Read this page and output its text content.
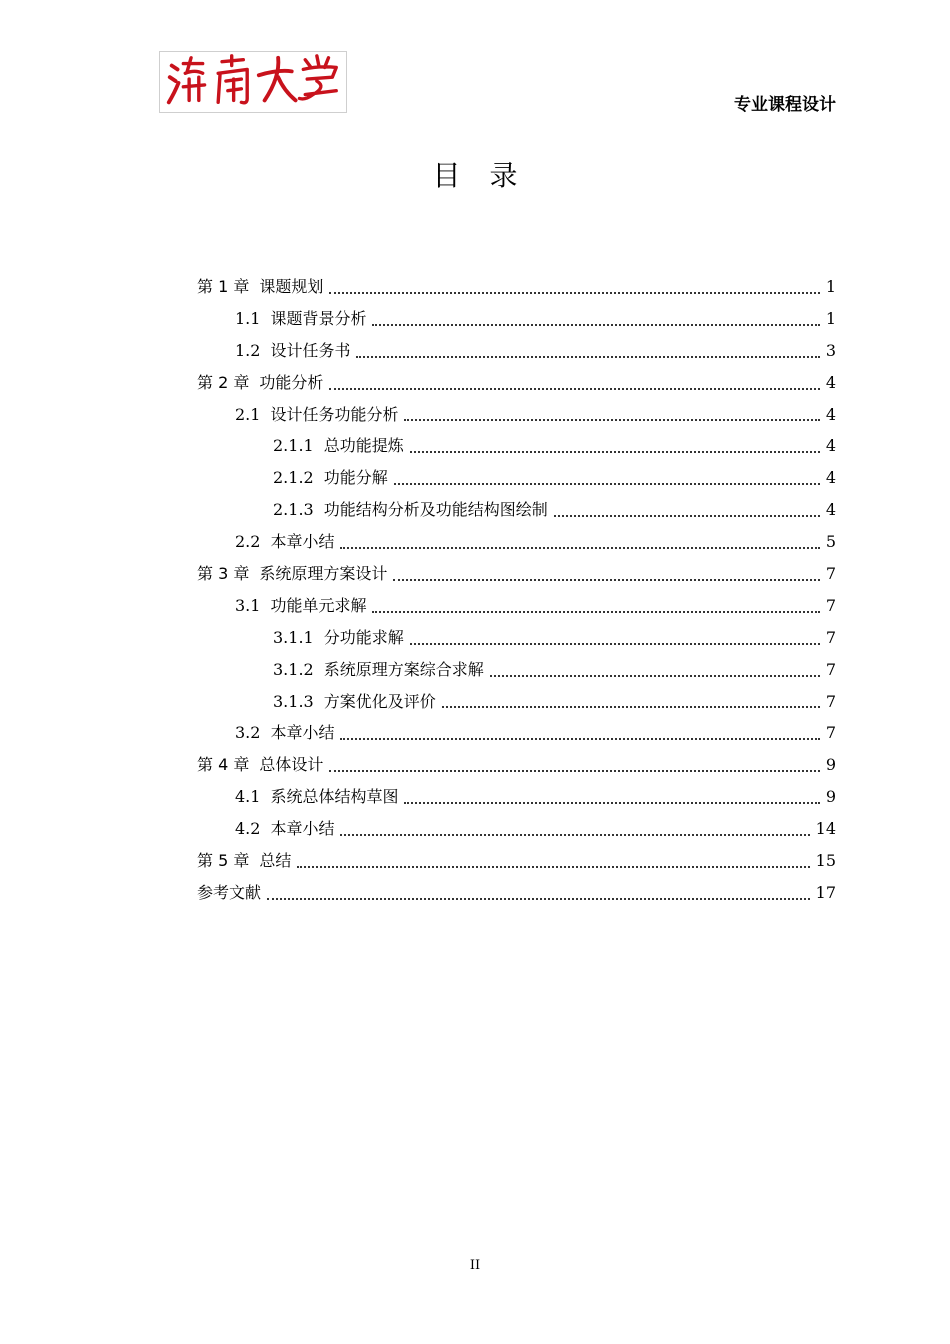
专业课程设计
目 录
第 1 章 课题规划	1
1.1 课题背景分析	1
1.2 设计任务书	3
第 2 章 功能分析	4
2.1 设计任务功能分析	4
2.1.1 总功能提炼	4
2.1.2 功能分解	4
2.1.3 功能结构分析及功能结构图绘制	4
2.2 本章小结	5
第 3 章 系统原理方案设计	7
3.1 功能单元求解	7
3.1.1 分功能求解	7
3.1.2 系统原理方案综合求解	7
3.1.3 方案优化及评价	7
3.2 本章小结	7
第 4 章 总体设计	9
4.1 系统总体结构草图	9
4.2 本章小结	14
第 5 章 总结	15
参考文献	17
II
